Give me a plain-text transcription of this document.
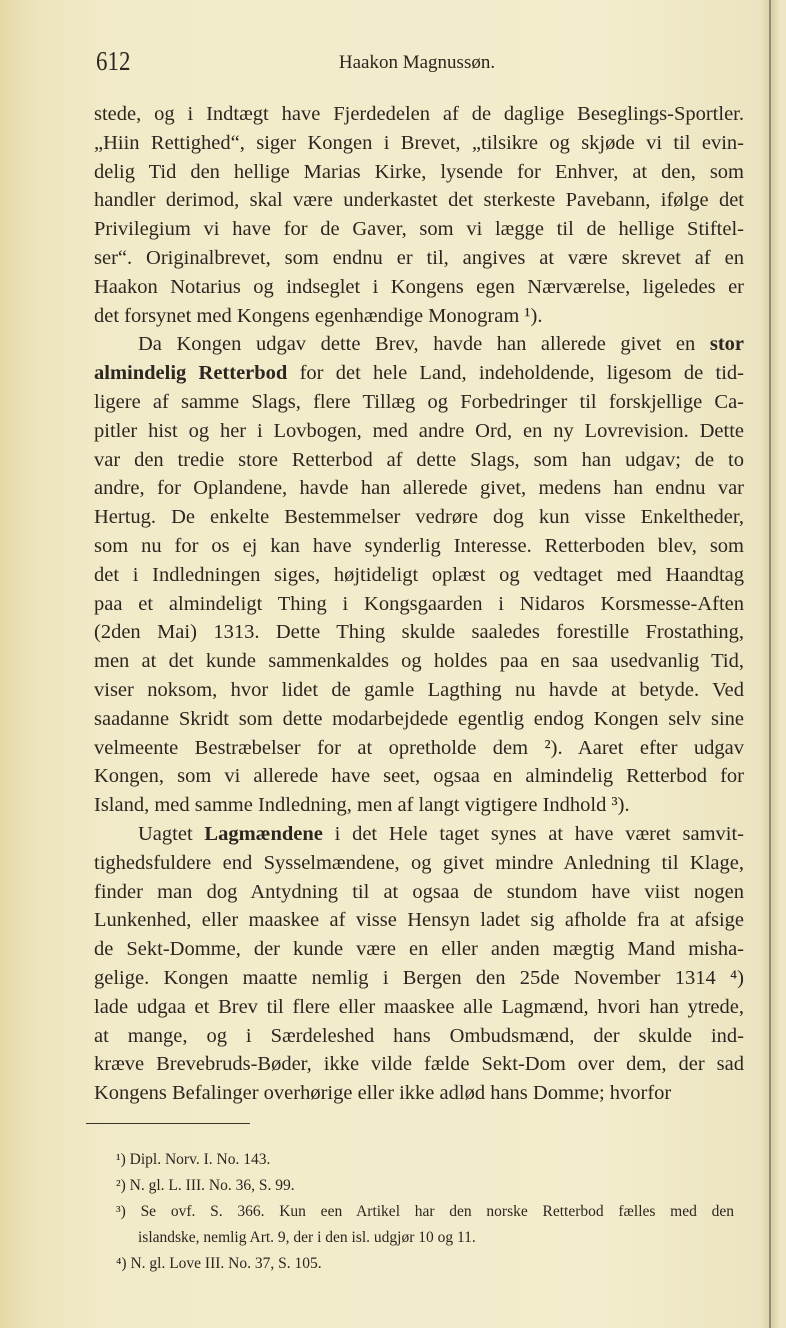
612	Haakon Magnussøn.
stede, og i Indtægt have Fjerdedelen af de daglige Beseglings-Sportler.
„Hiin Rettighed“, siger Kongen i Brevet, „tilsikre og skjøde vi til evin-
delig Tid den hellige Marias Kirke, lysende for Enhver, at den, som
handler derimod, skal være underkastet det sterkeste Pavebann, ifølge det
Privilegium vi have for de Gaver, som vi lægge til de hellige Stiftel-
ser“. Originalbrevet, som endnu er til, angives at være skrevet af en
Haakon Notarius og indseglet i Kongens egen Nærværelse, ligeledes er
det forsynet med Kongens egenhændige Monogram ¹).
Da Kongen udgav dette Brev, havde han allerede givet en stor
almindelig Retterbod for det hele Land, indeholdende, ligesom de tid-
ligere af samme Slags, flere Tillæg og Forbedringer til forskjellige Ca-
pitler hist og her i Lovbogen, med andre Ord, en ny Lovrevision. Dette
var den tredie store Retterbod af dette Slags, som han udgav; de to
andre, for Oplandene, havde han allerede givet, medens han endnu var
Hertug. De enkelte Bestemmelser vedrøre dog kun visse Enkeltheder,
som nu for os ej kan have synderlig Interesse. Retterboden blev, som
det i Indledningen siges, højtideligt oplæst og vedtaget med Haandtag
paa et almindeligt Thing i Kongsgaarden i Nidaros Korsmesse-Aften
(2den Mai) 1313. Dette Thing skulde saaledes forestille Frostathing,
men at det kunde sammenkaldes og holdes paa en saa usedvanlig Tid,
viser noksom, hvor lidet de gamle Lagthing nu havde at betyde. Ved
saadanne Skridt som dette modarbejdede egentlig endog Kongen selv sine
velmeente Bestræbelser for at opretholde dem ²). Aaret efter udgav
Kongen, som vi allerede have seet, ogsaa en almindelig Retterbod for
Island, med samme Indledning, men af langt vigtigere Indhold ³).
Uagtet Lagmændene i det Hele taget synes at have været samvit-
tighedsfuldere end Sysselmændene, og givet mindre Anledning til Klage,
finder man dog Antydning til at ogsaa de stundom have viist nogen
Lunkenhed, eller maaskee af visse Hensyn ladet sig afholde fra at afsige
de Sekt-Domme, der kunde være en eller anden mægtig Mand misha-
gelige. Kongen maatte nemlig i Bergen den 25de November 1314 ⁴)
lade udgaa et Brev til flere eller maaskee alle Lagmænd, hvori han ytrede,
at mange, og i Særdeleshed hans Ombudsmænd, der skulde ind-
kræve Brevebruds-Bøder, ikke vilde fælde Sekt-Dom over dem, der sad
Kongens Befalinger overhørige eller ikke adlød hans Domme; hvorfor
¹) Dipl. Norv. I. No. 143.
²) N. gl. L. III. No. 36, S. 99.
³) Se ovf. S. 366. Kun een Artikel har den norske Retterbod fælles med den
islandske, nemlig Art. 9, der i den isl. udgjør 10 og 11.
⁴) N. gl. Love III. No. 37, S. 105.
